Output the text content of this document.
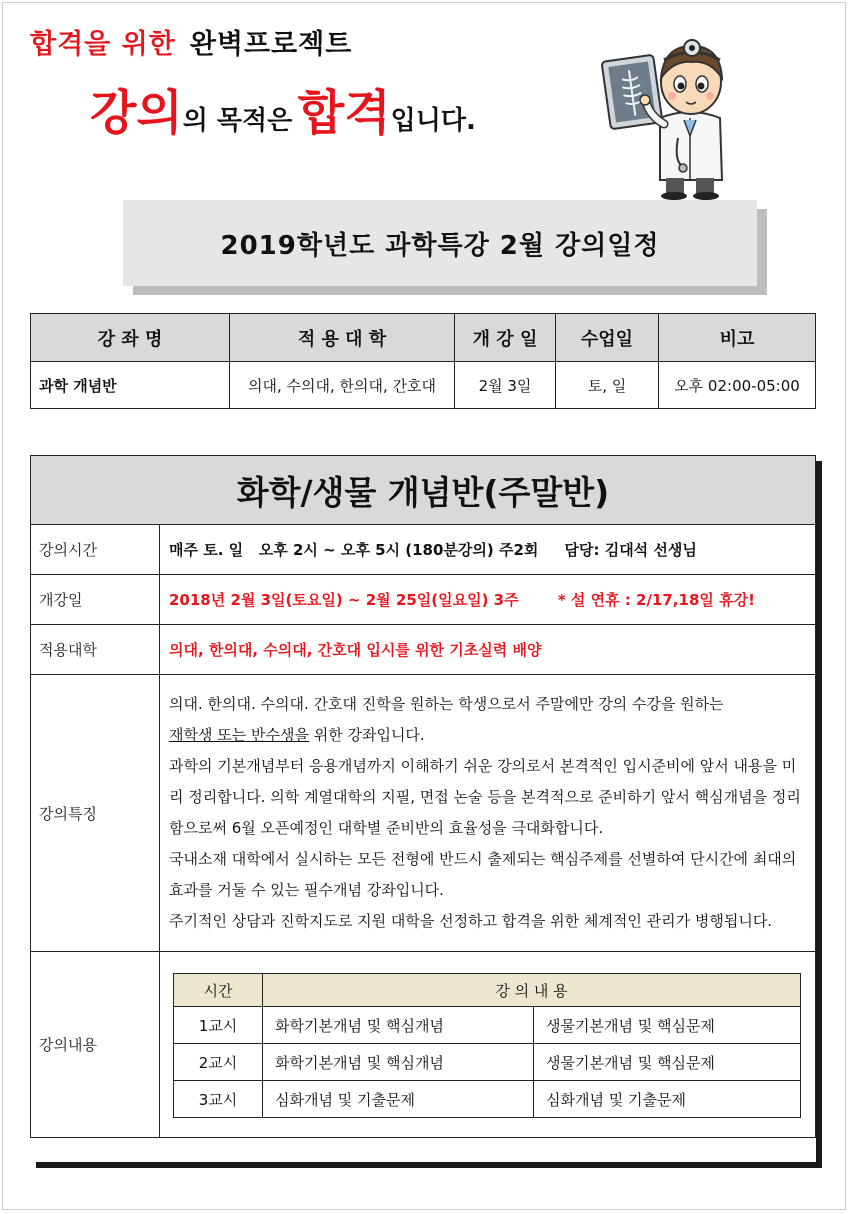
합격을 위한 완벽프로젝트
강의의 목적은 합격입니다.
2019학년도 과학특강 2월 강의일정
강 좌 명	적 용 대 학	개 강 일	수업일	비고
과학 개념반	의대, 수의대, 한의대, 간호대	2월 3일	토, 일	오후 02:00-05:00
화학/생물 개념반(주말반)
강의시간	매주 토. 일   오후 2시 ~ 오후 5시 (180분강의) 주2회     담당: 김대석 선생님
개강일	2018년 2월 3일(토요일) ~ 2월 25일(일요일) 3주	* 설 연휴 : 2/17,18일 휴강!
적용대학	의대, 한의대, 수의대, 간호대 입시를 위한 기초실력 배양
강의특징	

의대. 한의대. 수의대. 간호대 진학을 원하는 학생으로서 주말에만 강의 수강을 원하는
재학생 또는 반수생을 위한 강좌입니다.

과학의 기본개념부터 응용개념까지 이해하기 쉬운 강의로서 본격적인 입시준비에 앞서 내용을 미리 정리합니다. 의학 계열대학의 지필, 면접 논술 등을 본격적으로 준비하기 앞서 핵심개념을 정리함으로써 6월 오픈예정인 대학별 준비반의 효율성을 극대화합니다.

국내소재 대학에서 실시하는 모든 전형에 반드시 출제되는 핵심주제를 선별하여 단시간에 최대의 효과를 거둘 수 있는 필수개념 강좌입니다.

주기적인 상담과 진학지도로 지원 대학을 선정하고 합격을 위한 체계적인 관리가 병행됩니다.

강의내용	
시간	강 의 내 용
1교시	화학기본개념 및 핵심개념	생물기본개념 및 핵심문제
2교시	화학기본개념 및 핵심개념	생물기본개념 및 핵심문제
3교시	심화개념 및 기출문제	심화개념 및 기출문제
